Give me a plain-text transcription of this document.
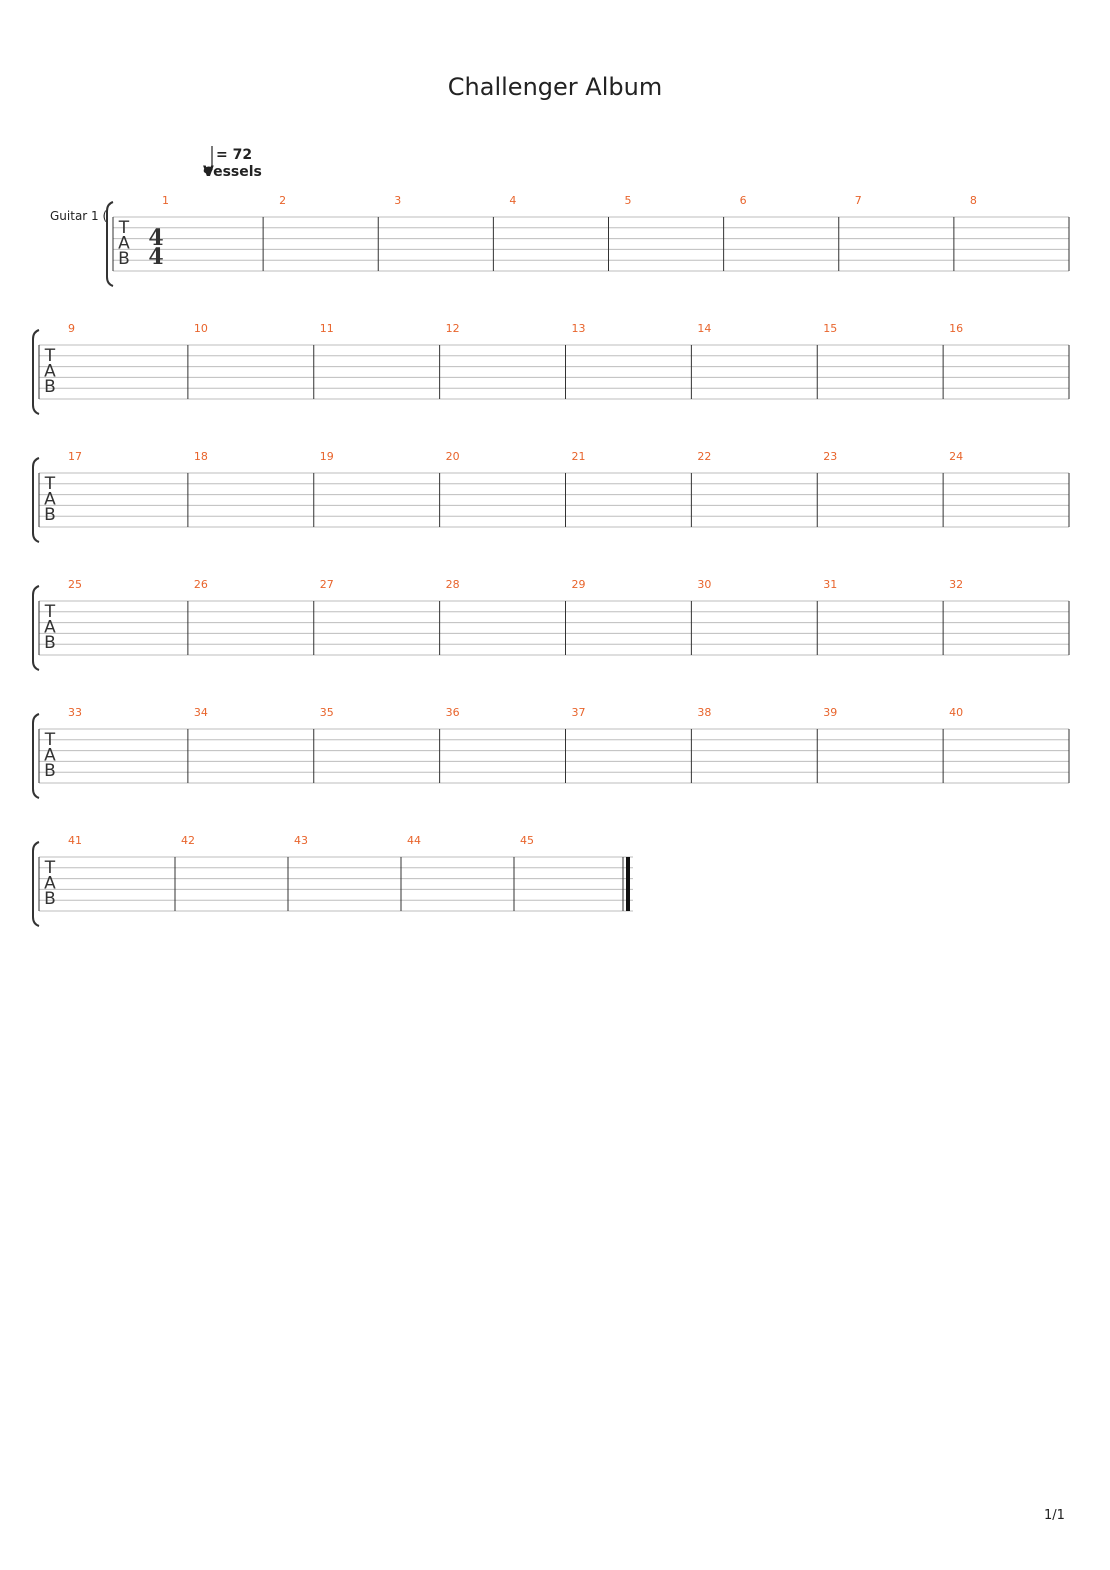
Challenger Album
T
A
B
1	2	3	4	5	6	7	8
T
A
B
9	10	11	12	13	14	15	16
T
A
B
17	18	19	20	21	22	23	24
T
A
B
25	26	27	28	29	30	31	32
T
A
B
33	34	35	36	37	38	39	40
T
A
B
41	42	43	44	45
4
4
Guitar 1 (
= 72
Vessels
1/1
